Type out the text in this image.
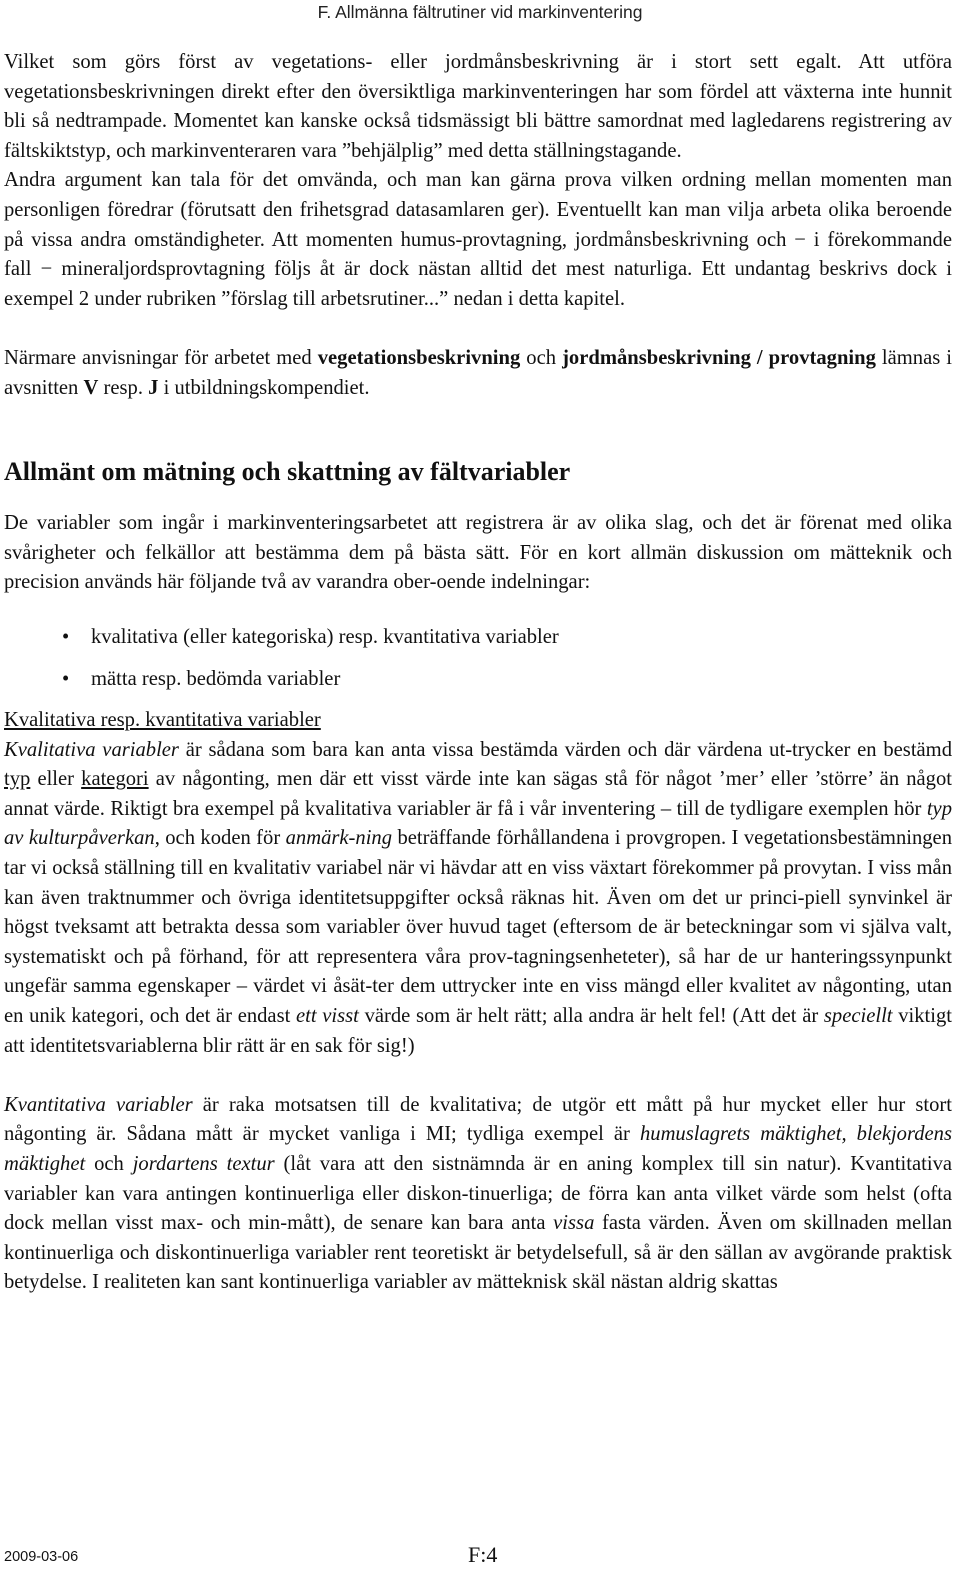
F. Allmänna fältrutiner vid markinventering

Vilket som görs först av vegetations- eller jordmånsbeskrivning är i stort sett egalt. Att utföra vegetationsbeskrivningen direkt efter den översiktliga markinventeringen har som fördel att växterna inte hunnit bli så nedtrampade. Momentet kan kanske också tidsmässigt bli bättre samordnat med lagledarens registrering av fältskiktstyp, och markinventeraren vara ”behjälplig” med detta ställningstagande.

Andra argument kan tala för det omvända, och man kan gärna prova vilken ordning mellan momenten man personligen föredrar (förutsatt den frihetsgrad datasamlaren ger). Eventuellt kan man vilja arbeta olika beroende på vissa andra omständigheter. Att momenten humus-provtagning, jordmånsbeskrivning och − i förekommande fall − mineraljordsprovtagning följs åt är dock nästan alltid det mest naturliga. Ett undantag beskrivs dock i exempel 2 under rubriken ”förslag till arbetsrutiner...” nedan i detta kapitel.

Närmare anvisningar för arbetet med vegetationsbeskrivning och jordmånsbeskrivning / provtagning lämnas i avsnitten V resp. J i utbildningskompendiet.

Allmänt om mätning och skattning av fältvariabler

De variabler som ingår i markinventeringsarbetet att registrera är av olika slag, och det är förenat med olika svårigheter och felkällor att bestämma dem på bästa sätt. För en kort allmän diskussion om mätteknik och precision används här följande två av varandra ober-oende indelningar:

• kvalitativa (eller kategoriska) resp. kvantitativa variabler
• mätta resp. bedömda variabler

Kvalitativa resp. kvantitativa variabler

Kvalitativa variabler är sådana som bara kan anta vissa bestämda värden och där värdena ut-trycker en bestämd typ eller kategori av någonting, men där ett visst värde inte kan sägas stå för något ’mer’ eller ’större’ än något annat värde. Riktigt bra exempel på kvalitativa variabler är få i vår inventering – till de tydligare exemplen hör typ av kulturpåverkan, och koden för anmärk-ning beträffande förhållandena i provgropen. I vegetationsbestämningen tar vi också ställning till en kvalitativ variabel när vi hävdar att en viss växtart förekommer på provytan. I viss mån kan även traktnummer och övriga identitetsuppgifter också räknas hit. Även om det ur princi-piell synvinkel är högst tveksamt att betrakta dessa som variabler över huvud taget (eftersom de är beteckningar som vi själva valt, systematiskt och på förhand, för att representera våra prov-tagningsenheteter), så har de ur hanteringssynpunkt ungefär samma egenskaper – värdet vi åsät-ter dem uttrycker inte en viss mängd eller kvalitet av någonting, utan en unik kategori, och det är endast ett visst värde som är helt rätt; alla andra är helt fel! (Att det är speciellt viktigt att identitetsvariablerna blir rätt är en sak för sig!)

Kvantitativa variabler är raka motsatsen till de kvalitativa; de utgör ett mått på hur mycket eller hur stort någonting är. Sådana mått är mycket vanliga i MI; tydliga exempel är humuslagrets mäktighet, blekjordens mäktighet och jordartens textur (låt vara att den sistnämnda är en aning komplex till sin natur). Kvantitativa variabler kan vara antingen kontinuerliga eller diskon-tinuerliga; de förra kan anta vilket värde som helst (ofta dock mellan visst max- och min-mått), de senare kan bara anta vissa fasta värden. Även om skillnaden mellan kontinuerliga och diskontinuerliga variabler rent teoretiskt är betydelsefull, så är den sällan av avgörande praktisk betydelse. I realiteten kan sant kontinuerliga variabler av mätteknisk skäl nästan aldrig skattas

2009-03-06	F:4
